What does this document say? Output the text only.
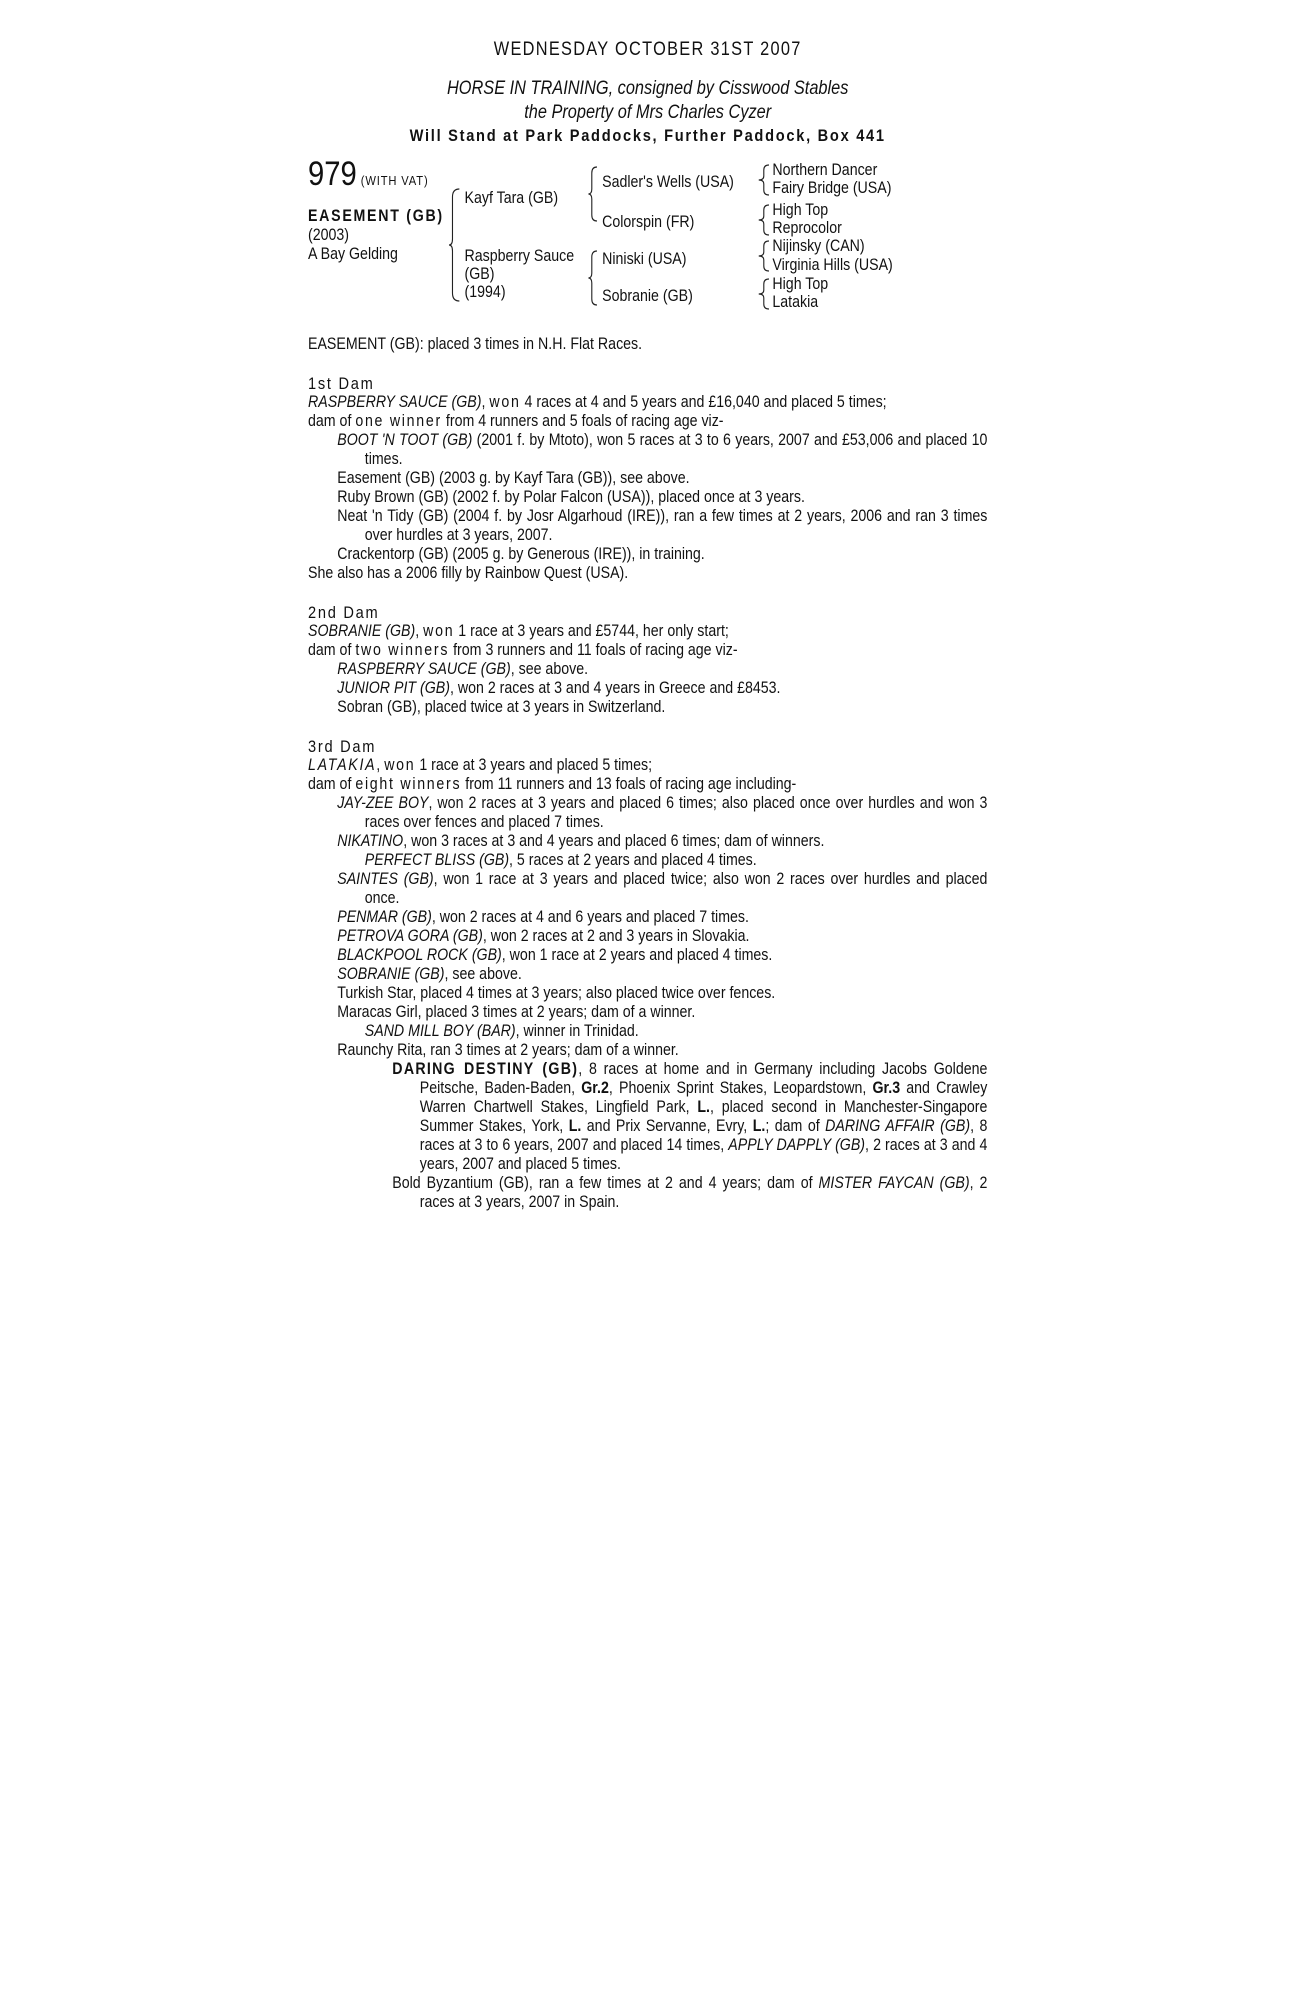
WEDNESDAY OCTOBER 31ST 2007
HORSE IN TRAINING, consigned by Cisswood Stables
the Property of Mrs Charles Cyzer
Will Stand at Park Paddocks, Further Paddock, Box 441
979 (WITH VAT)
EASEMENT (GB)
(2003)
A Bay Gelding
Kayf Tara (GB)
Raspberry Sauce
(GB)
(1994)
Sadler's Wells (USA)
Colorspin (FR)
Niniski (USA)
Sobranie (GB)
Northern Dancer
Fairy Bridge (USA)
High Top
Reprocolor
Nijinsky (CAN)
Virginia Hills (USA)
High Top
Latakia

EASEMENT (GB): placed 3 times in N.H. Flat Races.

1st Dam

RASPBERRY SAUCE (GB), won 4 races at 4 and 5 years and £16,040 and placed 5 times;

dam of one winner from 4 runners and 5 foals of racing age viz-

BOOT 'N TOOT (GB) (2001 f. by Mtoto), won 5 races at 3 to 6 years, 2007 and £53,006 and placed 10 times.

Easement (GB) (2003 g. by Kayf Tara (GB)), see above.

Ruby Brown (GB) (2002 f. by Polar Falcon (USA)), placed once at 3 years.

Neat 'n Tidy (GB) (2004 f. by Josr Algarhoud (IRE)), ran a few times at 2 years, 2006 and ran 3 times over hurdles at 3 years, 2007.

Crackentorp (GB) (2005 g. by Generous (IRE)), in training.

She also has a 2006 filly by Rainbow Quest (USA).

2nd Dam

SOBRANIE (GB), won 1 race at 3 years and £5744, her only start;

dam of two winners from 3 runners and 11 foals of racing age viz-

RASPBERRY SAUCE (GB), see above.

JUNIOR PIT (GB), won 2 races at 3 and 4 years in Greece and £8453.

Sobran (GB), placed twice at 3 years in Switzerland.

3rd Dam

LATAKIA, won 1 race at 3 years and placed 5 times;

dam of eight winners from 11 runners and 13 foals of racing age including-

JAY-ZEE BOY, won 2 races at 3 years and placed 6 times; also placed once over hurdles and won 3 races over fences and placed 7 times.

NIKATINO, won 3 races at 3 and 4 years and placed 6 times; dam of winners.

PERFECT BLISS (GB), 5 races at 2 years and placed 4 times.

SAINTES (GB), won 1 race at 3 years and placed twice; also won 2 races over hurdles and placed once.

PENMAR (GB), won 2 races at 4 and 6 years and placed 7 times.

PETROVA GORA (GB), won 2 races at 2 and 3 years in Slovakia.

BLACKPOOL ROCK (GB), won 1 race at 2 years and placed 4 times.

SOBRANIE (GB), see above.

Turkish Star, placed 4 times at 3 years; also placed twice over fences.

Maracas Girl, placed 3 times at 2 years; dam of a winner.

SAND MILL BOY (BAR), winner in Trinidad.

Raunchy Rita, ran 3 times at 2 years; dam of a winner.

DARING DESTINY (GB), 8 races at home and in Germany including Jacobs Goldene Peitsche, Baden-Baden, Gr.2, Phoenix Sprint Stakes, Leopardstown, Gr.3 and Crawley Warren Chartwell Stakes, Lingfield Park, L., placed second in Manchester-Singapore Summer Stakes, York, L. and Prix Servanne, Evry, L.; dam of DARING AFFAIR (GB), 8 races at 3 to 6 years, 2007 and placed 14 times, APPLY DAPPLY (GB), 2 races at 3 and 4 years, 2007 and placed 5 times.

Bold Byzantium (GB), ran a few times at 2 and 4 years; dam of MISTER FAYCAN (GB), 2 races at 3 years, 2007 in Spain.
